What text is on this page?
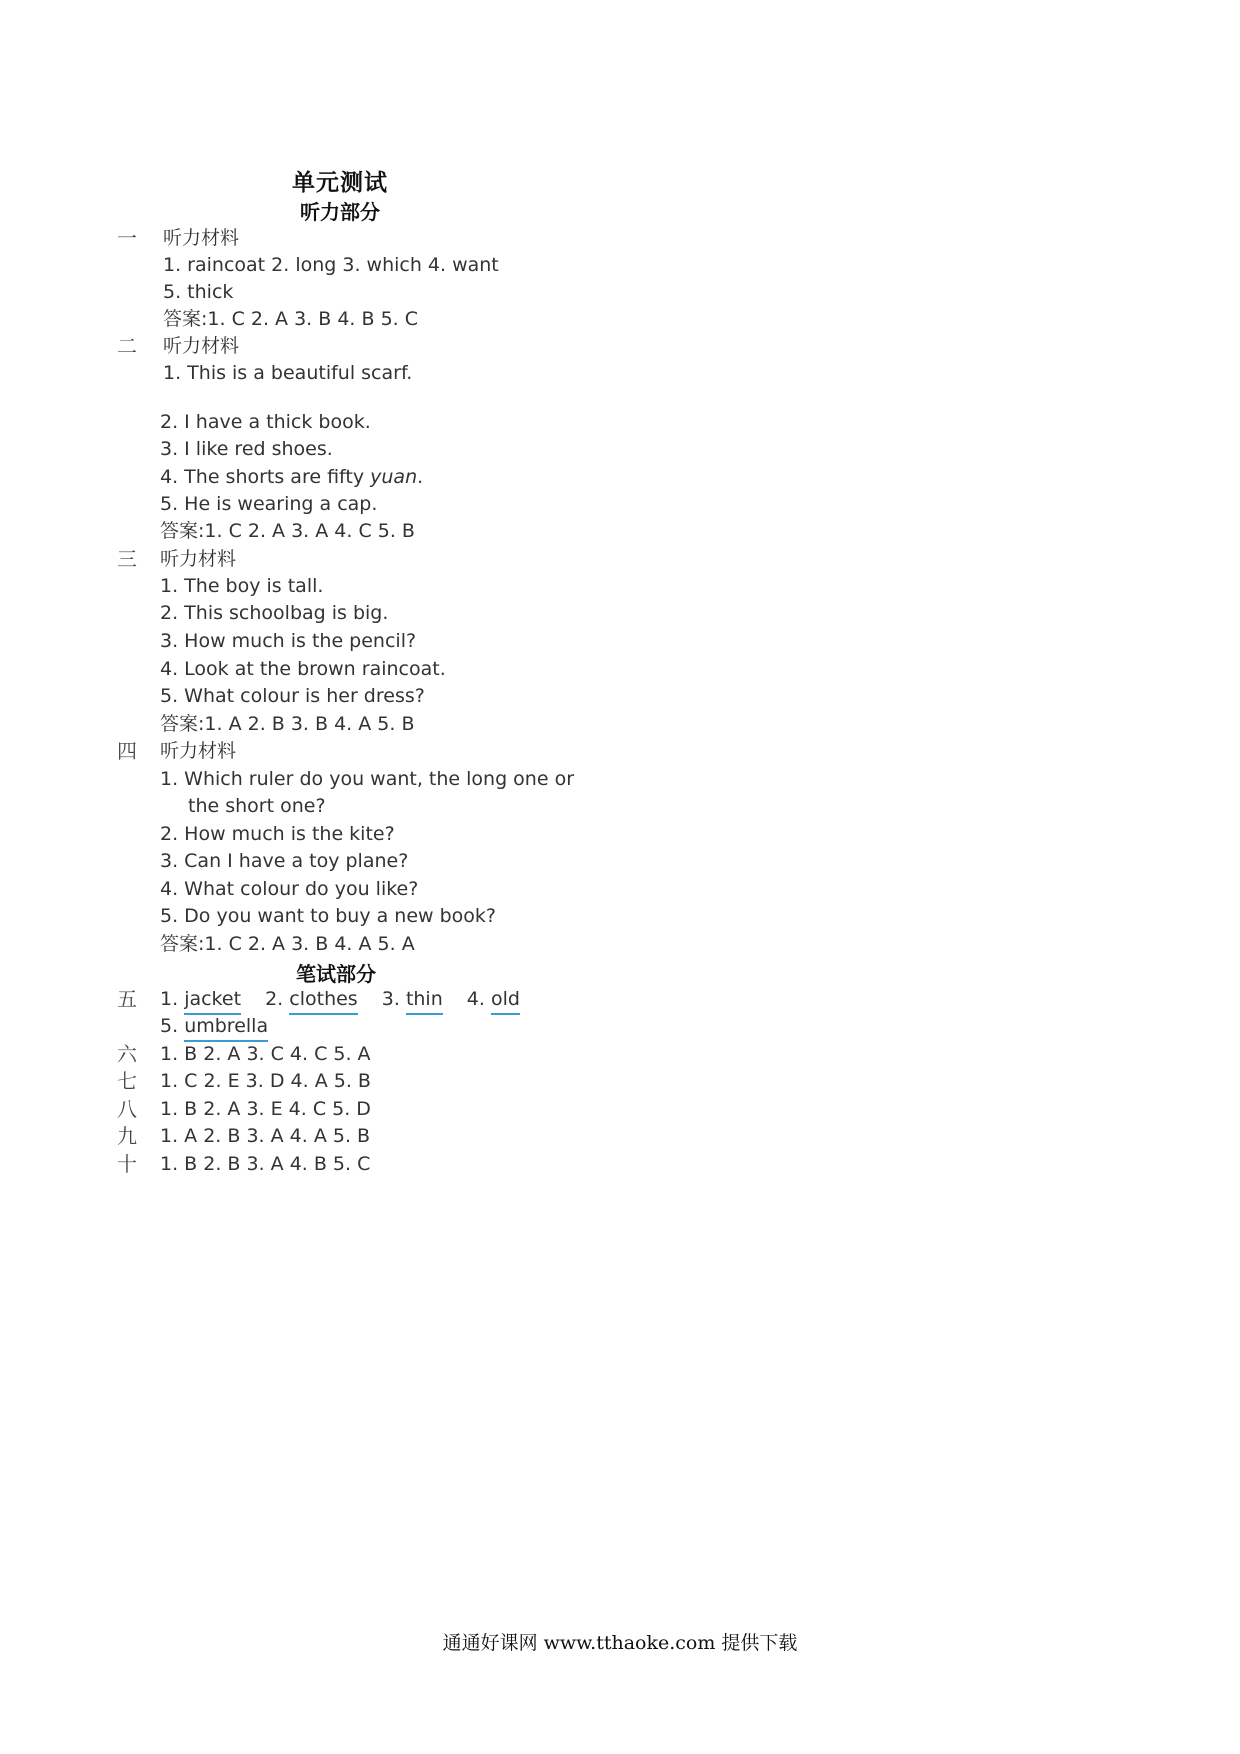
单元测试
听力部分
一 听力材料
1. raincoat 2. long 3. which 4. want
5. thick
答案:1. C 2. A 3. B 4. B 5. C
二 听力材料
1. This is a beautiful scarf.
2. I have a thick book.
3. I like red shoes.
4. The shorts are fifty yuan.
5. He is wearing a cap.
答案:1. C 2. A 3. A 4. C 5. B
三 听力材料
1. The boy is tall.
2. This schoolbag is big.
3. How much is the pencil?
4. Look at the brown raincoat.
5. What colour is her dress?
答案:1. A 2. B 3. B 4. A 5. B
四 听力材料
1. Which ruler do you want, the long one or
the short one?
2. How much is the kite?
3. Can I have a toy plane?
4. What colour do you like?
5. Do you want to buy a new book?
答案:1. C 2. A 3. B 4. A 5. A
笔试部分
五 1. jacket 2. clothes 3. thin 4. old
5. umbrella
六 1. B 2. A 3. C 4. C 5. A
七 1. C 2. E 3. D 4. A 5. B
八 1. B 2. A 3. E 4. C 5. D
九 1. A 2. B 3. A 4. A 5. B
十 1. B 2. B 3. A 4. B 5. C
通通好课网 www.tthaoke.com 提供下载
